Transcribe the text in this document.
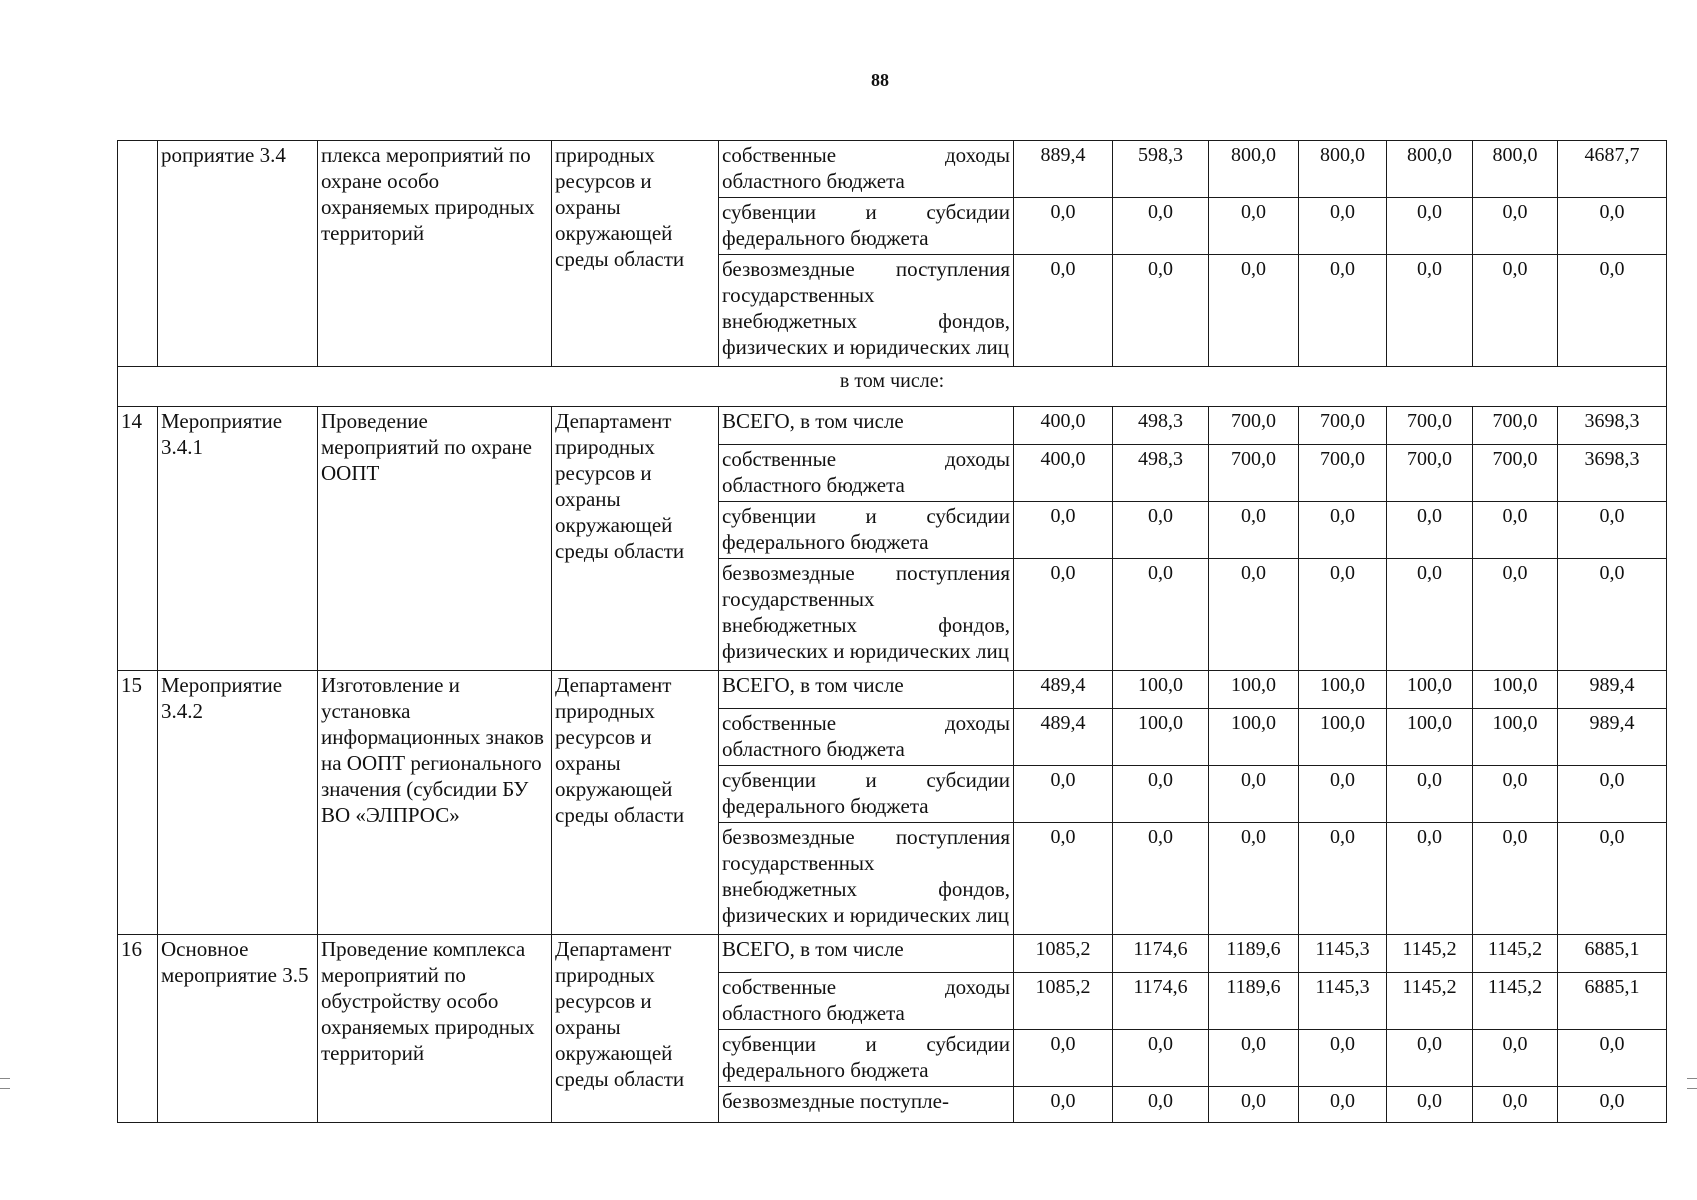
88
	роприятие 3.4	плекса мероприятий по охране особо охраняемых природных территорий	природных ресурсов и охраны окружающей среды области	собственные доходы областного бюджета	889,4	598,3	800,0	800,0	800,0	800,0	4687,7
				субвенции и субсидии федерального бюджета	0,0	0,0	0,0	0,0	0,0	0,0	0,0
				безвозмездные поступления государственных внебюджетных фондов, физических и юридических лиц	0,0	0,0	0,0	0,0	0,0	0,0	0,0
в том числе:											
14	Мероприятие 3.4.1	Проведение мероприятий по охране ООПТ	Департамент природных ресурсов и охраны окружающей среды области	ВСЕГО, в том числе	400,0	498,3	700,0	700,0	700,0	700,0	3698,3
				собственные доходы областного бюджета	400,0	498,3	700,0	700,0	700,0	700,0	3698,3
				субвенции и субсидии федерального бюджета	0,0	0,0	0,0	0,0	0,0	0,0	0,0
				безвозмездные поступления государственных внебюджетных фондов, физических и юридических лиц	0,0	0,0	0,0	0,0	0,0	0,0	0,0
15	Мероприятие 3.4.2	Изготовление и установка информационных знаков на ООПТ регионального значения (субсидии БУ ВО «ЭЛПРОС»	Департамент природных ресурсов и охраны окружающей среды области	ВСЕГО, в том числе	489,4	100,0	100,0	100,0	100,0	100,0	989,4
				собственные доходы областного бюджета	489,4	100,0	100,0	100,0	100,0	100,0	989,4
				субвенции и субсидии федерального бюджета	0,0	0,0	0,0	0,0	0,0	0,0	0,0
				безвозмездные поступления государственных внебюджетных фондов, физических и юридических лиц	0,0	0,0	0,0	0,0	0,0	0,0	0,0
16	Основное мероприятие 3.5	Проведение комплекса мероприятий по обустройству особо охраняемых природных территорий	Департамент природных ресурсов и охраны окружающей среды области	ВСЕГО, в том числе	1085,2	1174,6	1189,6	1145,3	1145,2	1145,2	6885,1
				собственные доходы областного бюджета	1085,2	1174,6	1189,6	1145,3	1145,2	1145,2	6885,1
				субвенции и субсидии федерального бюджета	0,0	0,0	0,0	0,0	0,0	0,0	0,0
				безвозмездные поступле-	0,0	0,0	0,0	0,0	0,0	0,0	0,0
